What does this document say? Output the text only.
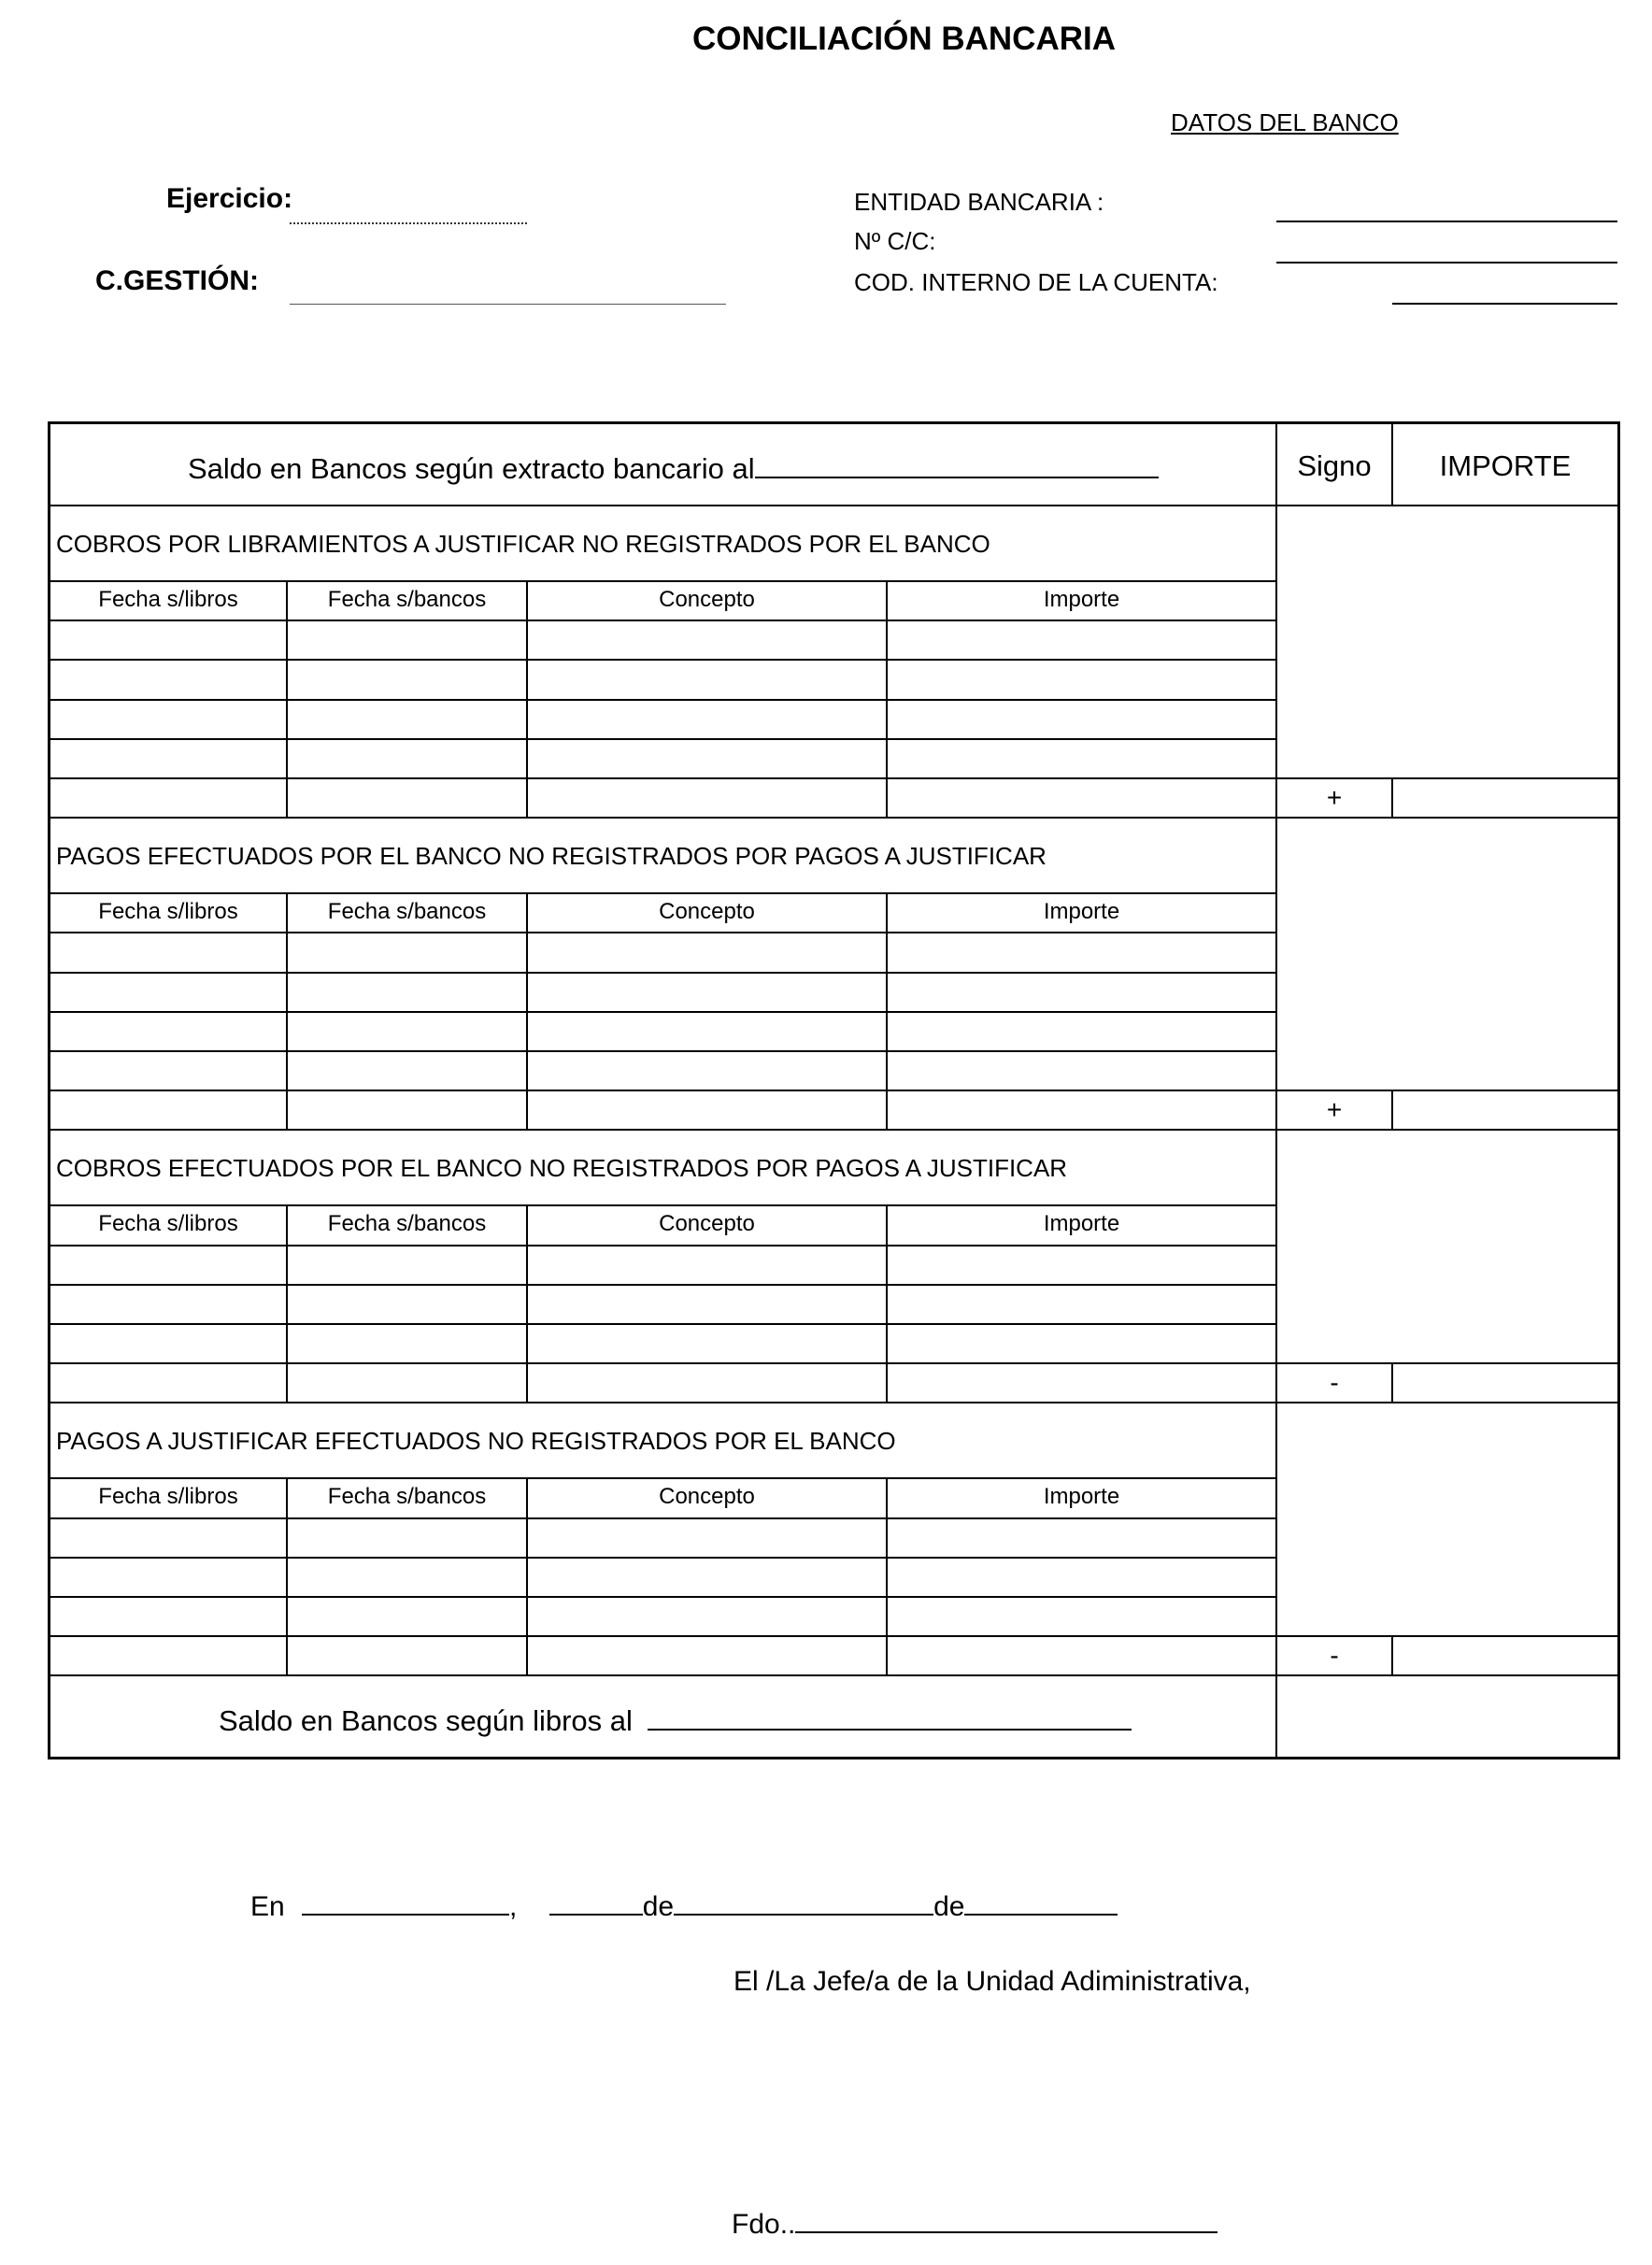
CONCILIACIÓN BANCARIA
DATOS DEL BANCO
Ejercicio:
C.GESTIÓN:
ENTIDAD BANCARIA :
Nº C/C:
COD. INTERNO DE LA CUENTA:
Saldo en Bancos según extracto bancario al	Signo	IMPORTE
COBROS POR LIBRAMIENTOS A JUSTIFICAR NO REGISTRADOS POR EL BANCO
Fecha s/libros	Fecha s/bancos	Concepto	Importe
+
PAGOS EFECTUADOS POR EL BANCO NO REGISTRADOS POR PAGOS A JUSTIFICAR
Fecha s/libros	Fecha s/bancos	Concepto	Importe
+
COBROS EFECTUADOS POR EL BANCO NO REGISTRADOS POR PAGOS A JUSTIFICAR
Fecha s/libros	Fecha s/bancos	Concepto	Importe
-
PAGOS A JUSTIFICAR EFECTUADOS NO REGISTRADOS POR EL BANCO
Fecha s/libros	Fecha s/bancos	Concepto	Importe
-
Saldo en Bancos según libros al
En	,	de	de
El /La Jefe/a de la Unidad Adiministrativa,
Fdo..
